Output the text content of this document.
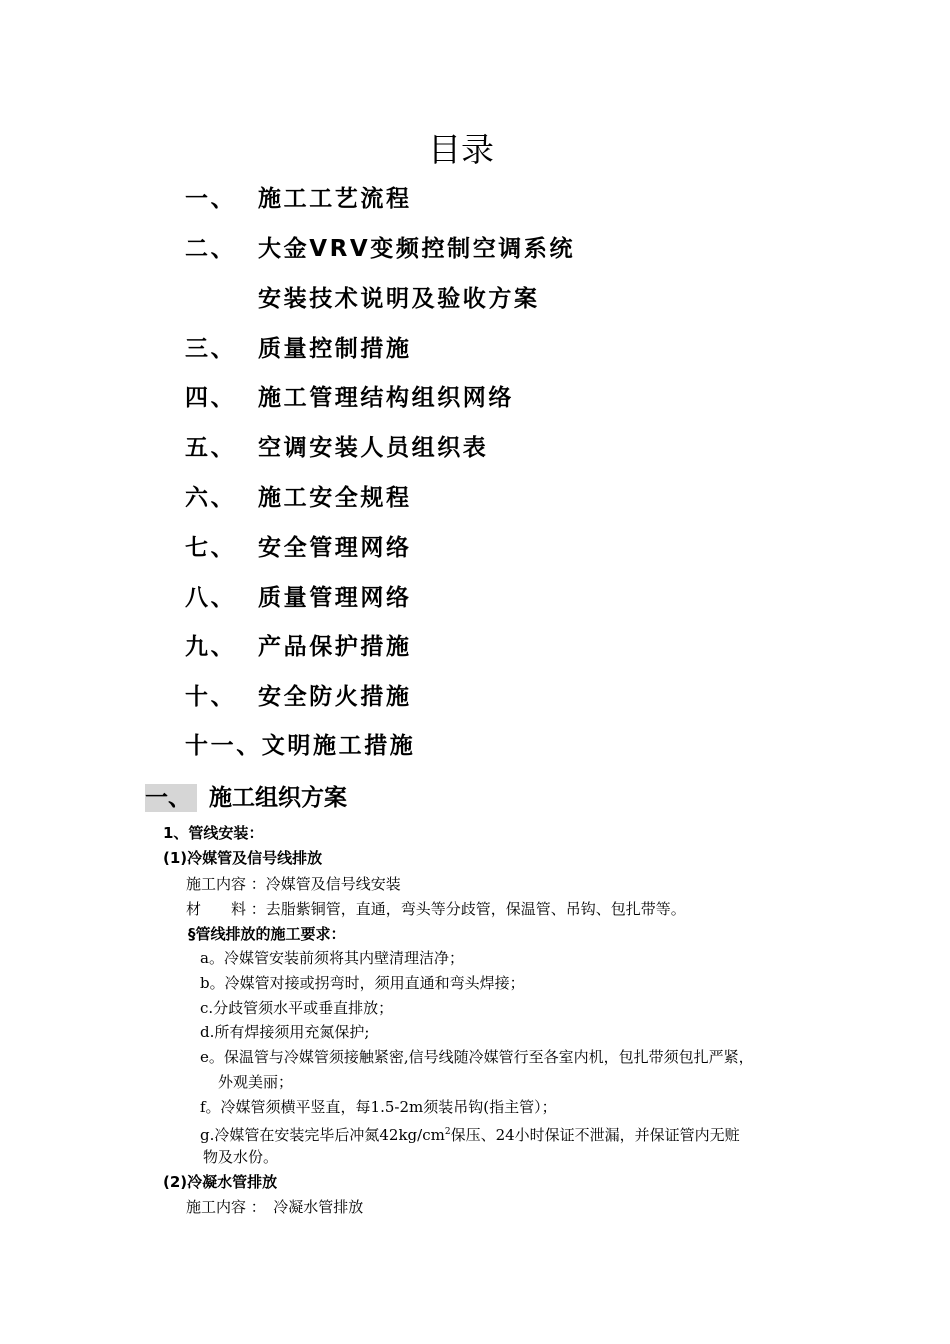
目录
一、 施工工艺流程
二、 大金VRV变频控制空调系统
安装技术说明及验收方案
三、 质量控制措施
四、 施工管理结构组织网络
五、 空调安装人员组织表
六、 施工安全规程
七、 安全管理网络
八、 质量管理网络
九、 产品保护措施
十、 安全防火措施
十一、文明施工措施
一、 施工组织方案
1、管线安装：
(1)冷媒管及信号线排放
施工内容 ：冷媒管及信号线安装
材　　料 ：去脂紫铜管，直通，弯头等分歧管，保温管、吊钩、包扎带等。
§管线排放的施工要求：
a。冷媒管安装前须将其内壁清理洁净；
b。冷媒管对接或拐弯时，须用直通和弯头焊接；
c.分歧管须水平或垂直排放；
d.所有焊接须用充氮保护;
e。保温管与冷媒管须接触紧密,信号线随冷媒管行至各室内机，包扎带须包扎严紧，
外观美丽；
f。冷媒管须横平竖直，每1.5-2m须装吊钩(指主管）；
g.冷媒管在安装完毕后冲氮$42kg/cm^2$保压、24小时保证不泄漏，并保证管内无赃
物及水份。
(2)冷凝水管排放
施工内容 ：　冷凝水管排放
